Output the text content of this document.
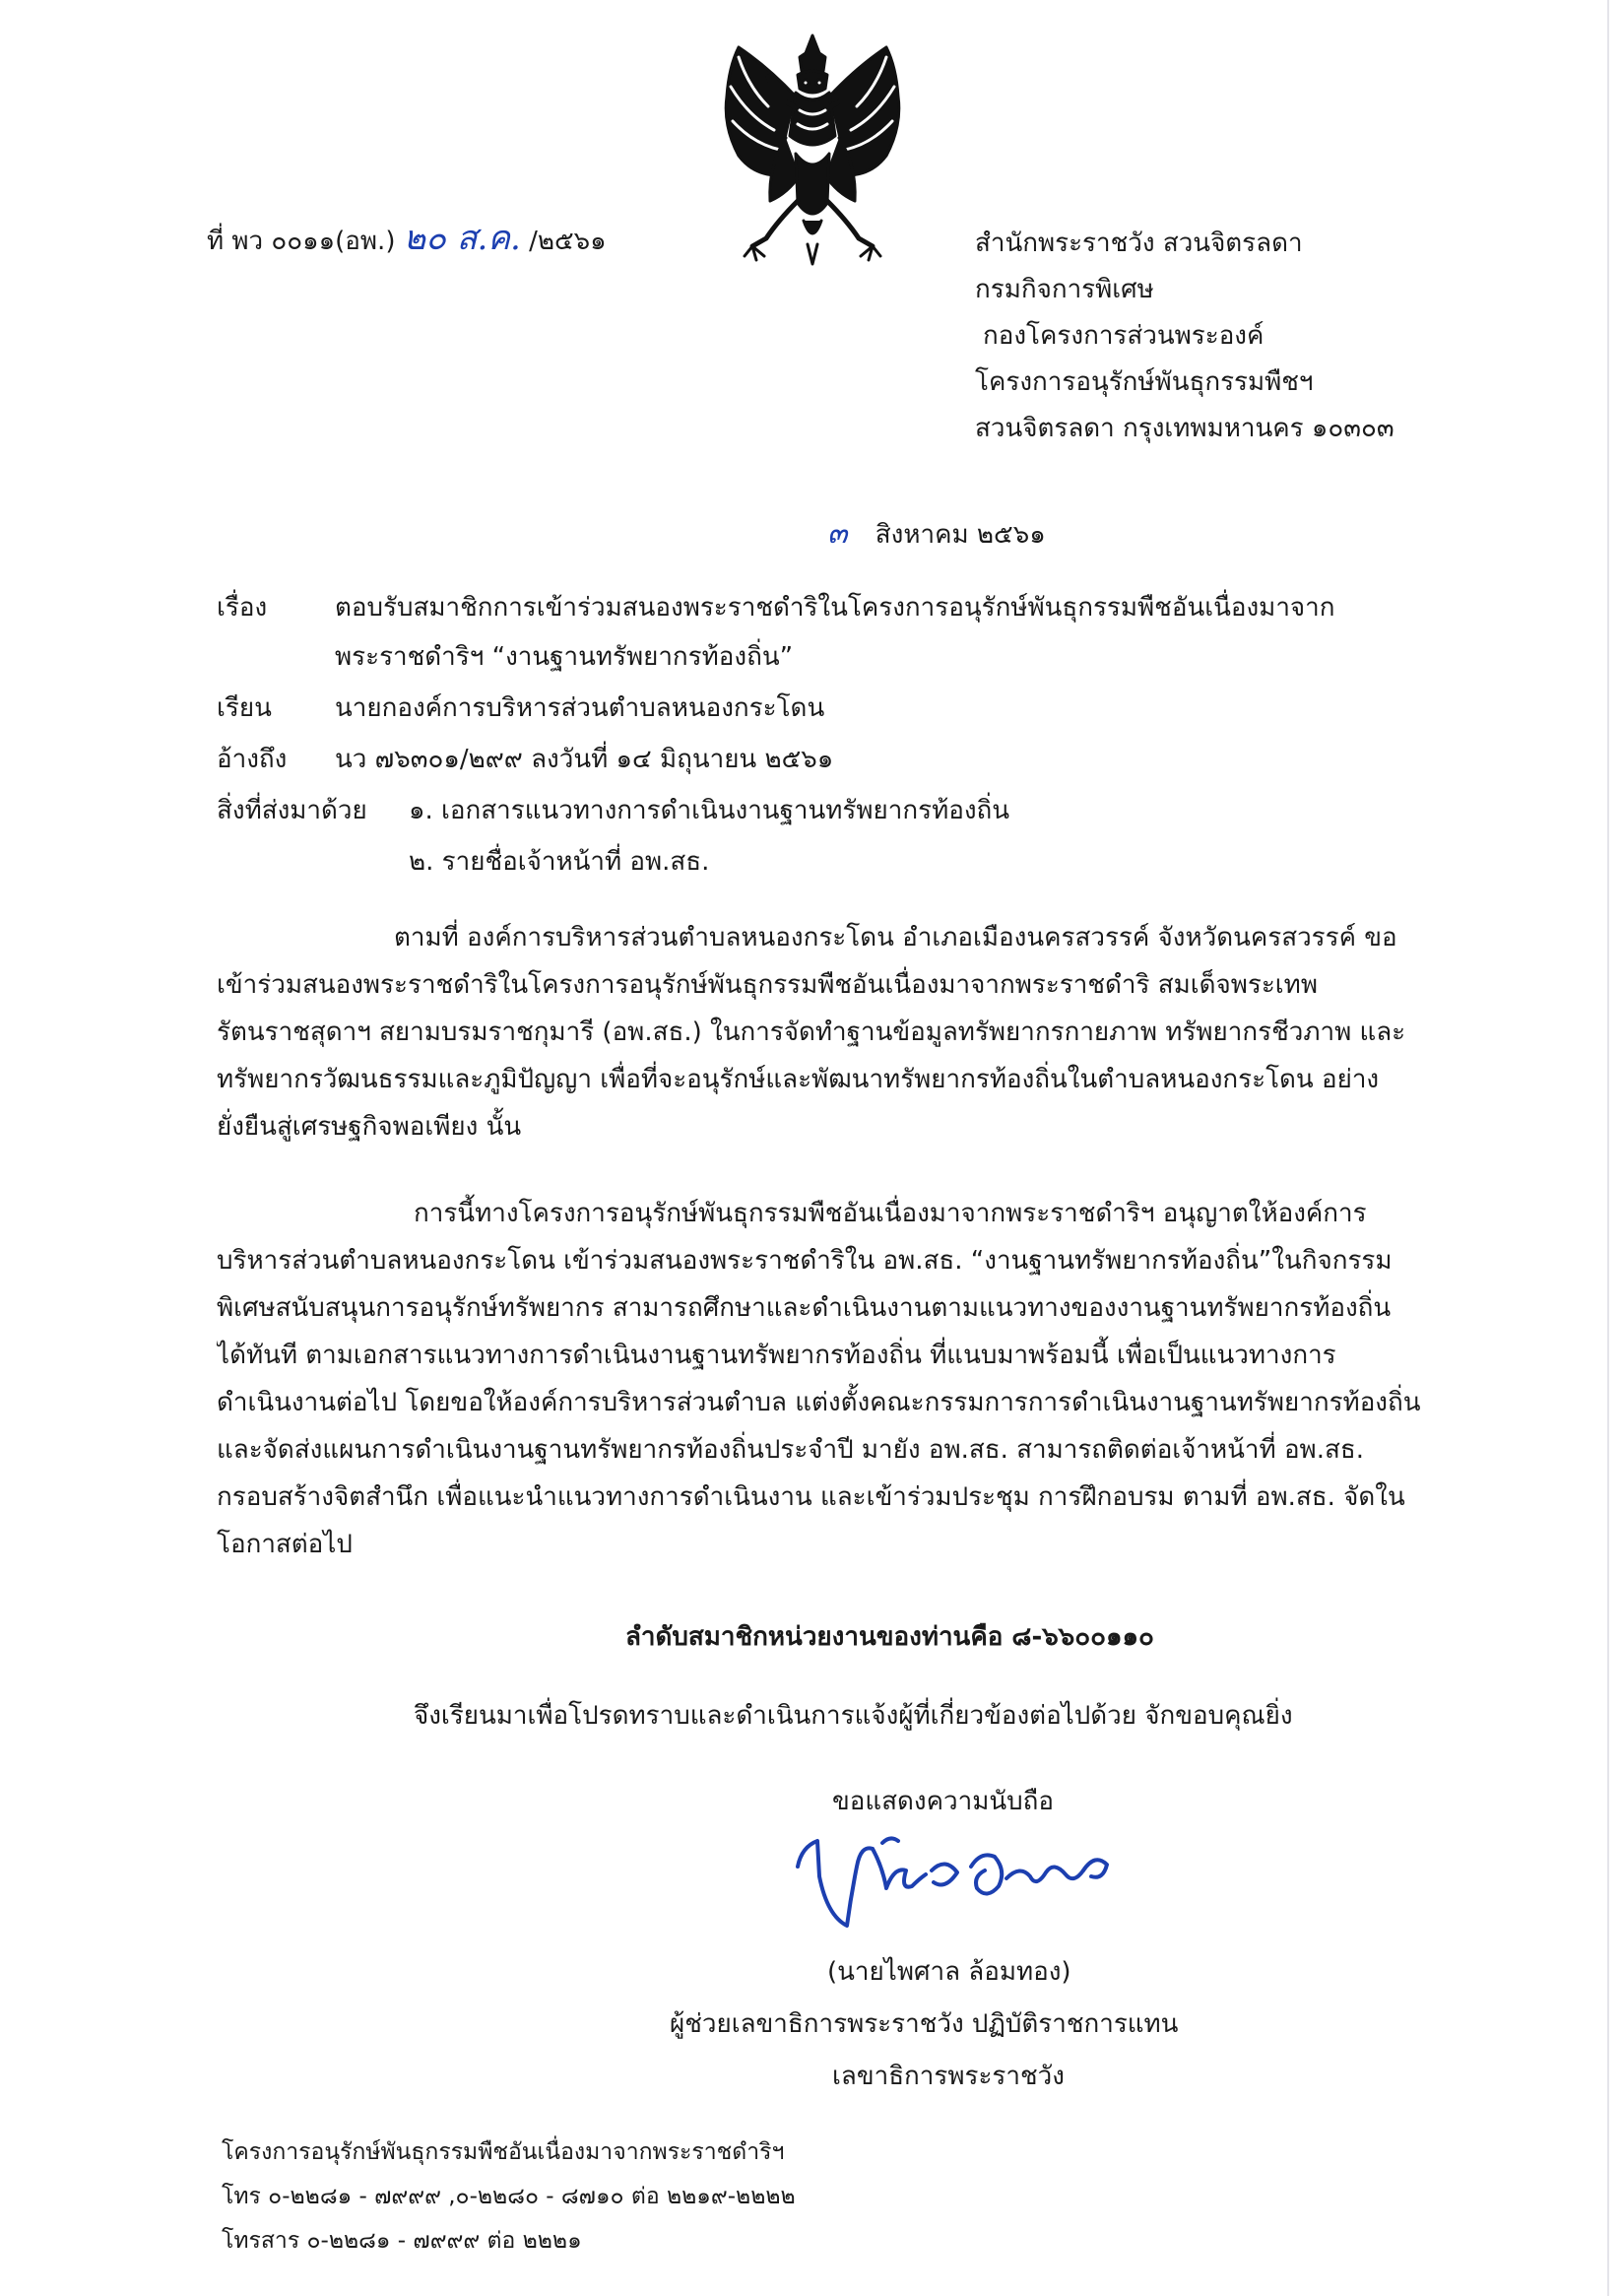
ที่ พว ๐๐๑๑(อพ.) ๒๐ ส.ค. /๒๕๖๑	สำนักพระราชวัง สวนจิตรลดา
กรมกิจการพิเศษ
กองโครงการส่วนพระองค์
โครงการอนุรักษ์พันธุกรรมพืชฯ
สวนจิตรลดา กรุงเทพมหานคร ๑๐๓๐๓
๓ สิงหาคม ๒๕๖๑
เรื่อง	ตอบรับสมาชิกการเข้าร่วมสนองพระราชดำริในโครงการอนุรักษ์พันธุกรรมพืชอันเนื่องมาจาก
พระราชดำริฯ “งานฐานทรัพยากรท้องถิ่น”
เรียน นายกองค์การบริหารส่วนตำบลหนองกระโดน
อ้างถึง นว ๗๖๓๐๑/๒๙๙ ลงวันที่ ๑๔ มิถุนายน ๒๕๖๑
สิ่งที่ส่งมาด้วย ๑. เอกสารแนวทางการดำเนินงานฐานทรัพยากรท้องถิ่น
๒. รายชื่อเจ้าหน้าที่ อพ.สธ.
ตามที่ องค์การบริหารส่วนตำบลหนองกระโดน อำเภอเมืองนครสวรรค์ จังหวัดนครสวรรค์ ขอ
เข้าร่วมสนองพระราชดำริในโครงการอนุรักษ์พันธุกรรมพืชอันเนื่องมาจากพระราชดำริ สมเด็จพระเทพ
รัตนราชสุดาฯ สยามบรมราชกุมารี (อพ.สธ.) ในการจัดทำฐานข้อมูลทรัพยากรกายภาพ ทรัพยากรชีวภาพ และ
ทรัพยากรวัฒนธรรมและภูมิปัญญา เพื่อที่จะอนุรักษ์และพัฒนาทรัพยากรท้องถิ่นในตำบลหนองกระโดน อย่าง
ยั่งยืนสู่เศรษฐกิจพอเพียง นั้น
การนี้ทางโครงการอนุรักษ์พันธุกรรมพืชอันเนื่องมาจากพระราชดำริฯ อนุญาตให้องค์การ
บริหารส่วนตำบลหนองกระโดน เข้าร่วมสนองพระราชดำริใน อพ.สธ. “งานฐานทรัพยากรท้องถิ่น”ในกิจกรรม
พิเศษสนับสนุนการอนุรักษ์ทรัพยากร สามารถศึกษาและดำเนินงานตามแนวทางของงานฐานทรัพยากรท้องถิ่น
ได้ทันที ตามเอกสารแนวทางการดำเนินงานฐานทรัพยากรท้องถิ่น ที่แนบมาพร้อมนี้ เพื่อเป็นแนวทางการ
ดำเนินงานต่อไป โดยขอให้องค์การบริหารส่วนตำบล แต่งตั้งคณะกรรมการการดำเนินงานฐานทรัพยากรท้องถิ่น
และจัดส่งแผนการดำเนินงานฐานทรัพยากรท้องถิ่นประจำปี มายัง อพ.สธ. สามารถติดต่อเจ้าหน้าที่ อพ.สธ.
กรอบสร้างจิตสำนึก เพื่อแนะนำแนวทางการดำเนินงาน และเข้าร่วมประชุม การฝึกอบรม ตามที่ อพ.สธ. จัดใน
โอกาสต่อไป
ลำดับสมาชิกหน่วยงานของท่านคือ ๘-๖๖๐๐๑๑๐
จึงเรียนมาเพื่อโปรดทราบและดำเนินการแจ้งผู้ที่เกี่ยวข้องต่อไปด้วย จักขอบคุณยิ่ง
ขอแสดงความนับถือ
(นายไพศาล ล้อมทอง)
ผู้ช่วยเลขาธิการพระราชวัง ปฏิบัติราชการแทน
เลขาธิการพระราชวัง
โครงการอนุรักษ์พันธุกรรมพืชอันเนื่องมาจากพระราชดำริฯ
โทร ๐-๒๒๘๑ - ๗๙๙๙ ,๐-๒๒๘๐ - ๘๗๑๐ ต่อ ๒๒๑๙-๒๒๒๒
โทรสาร ๐-๒๒๘๑ - ๗๙๙๙ ต่อ ๒๒๒๑
